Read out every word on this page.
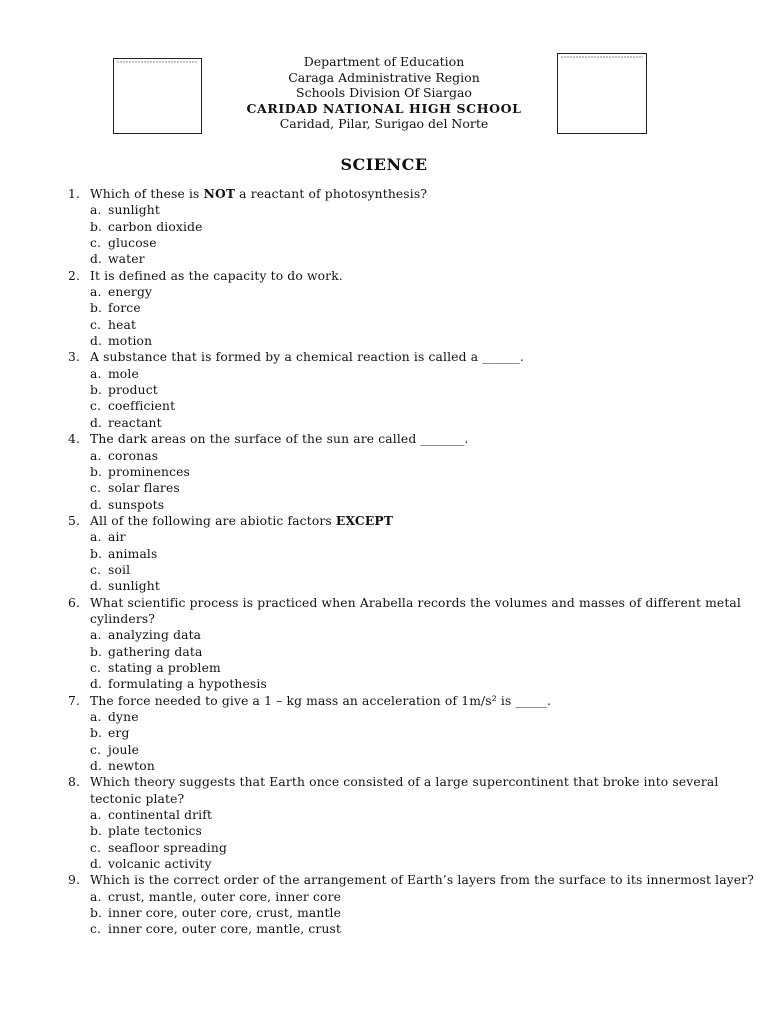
Department of Education
Caraga Administrative Region
Schools Division Of Siargao
CARIDAD NATIONAL HIGH SCHOOL
Caridad, Pilar, Surigao del Norte
SCIENCE
1. Which of these is NOT a reactant of photosynthesis?
a. sunlight
b. carbon dioxide
c. glucose
d. water
2. It is defined as the capacity to do work.
a. energy
b. force
c. heat
d. motion
3. A substance that is formed by a chemical reaction is called a ______.
a. mole
b. product
c. coefficient
d. reactant
4. The dark areas on the surface of the sun are called _______.
a. coronas
b. prominences
c. solar flares
d. sunspots
5. All of the following are abiotic factors EXCEPT
a. air
b. animals
c. soil
d. sunlight
6. What scientific process is practiced when Arabella records the volumes and masses of different metal cylinders?
a. analyzing data
b. gathering data
c. stating a problem
d. formulating a hypothesis
7. The force needed to give a 1 – kg mass an acceleration of 1m/s² is _____.
a. dyne
b. erg
c. joule
d. newton
8. Which theory suggests that Earth once consisted of a large supercontinent that broke into several tectonic plate?
a. continental drift
b. plate tectonics
c. seafloor spreading
d. volcanic activity
9. Which is the correct order of the arrangement of Earth’s layers from the surface to its innermost layer?
a. crust, mantle, outer core, inner core
b. inner core, outer core, crust, mantle
c. inner core, outer core, mantle, crust
